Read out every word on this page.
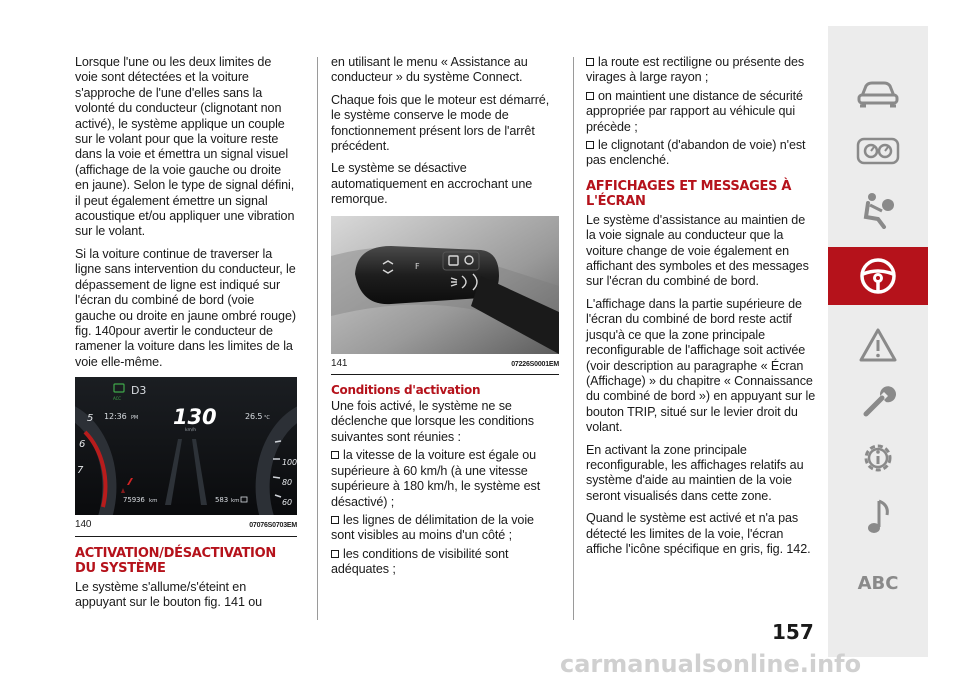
Lorsque l'une ou les deux limites de voie sont détectées et la voiture s'approche de l'une d'elles sans la volonté du conducteur (clignotant non activé), le système applique un couple sur le volant pour que la voiture reste dans la voie et émettra un signal visuel (affichage de la voie gauche ou droite en jaune). Selon le type de signal défini, il peut également émettre un signal acoustique et/ou appliquer une vibration sur le volant.

Si la voiture continue de traverser la ligne sans intervention du conducteur, le dépassement de ligne est indiqué sur l'écran du combiné de bord (voie gauche ou droite en jaune ombré rouge) fig. 140pour avertir le conducteur de ramener la voiture dans les limites de la voie elle-même.

ACC
D3
12:36 PM 130
km/h
26.5 °C
75936 km	583 km
7
6
5
100
80
60
140	07076S0703EM
ACTIVATION/DÉSACTIVATION DU SYSTÈME

Le système s'allume/s'éteint en appuyant sur le bouton fig. 141 ou

en utilisant le menu « Assistance au conducteur » du système Connect.

Chaque fois que le moteur est démarré, le système conserve le mode de fonctionnement présent lors de l'arrêt précédent.

Le système se désactive automatiquement en accrochant une remorque.

F
141	07226S0001EM
Conditions d'activation

Une fois activé, le système ne se déclenche que lorsque les conditions suivantes sont réunies :

la vitesse de la voiture est égale ou supérieure à 60 km/h (à une vitesse supérieure à 180 km/h, le système est désactivé) ;
les lignes de délimitation de la voie sont visibles au moins d'un côté ;
les conditions de visibilité sont adéquates ;
la route est rectiligne ou présente des virages à large rayon ;
on maintient une distance de sécurité appropriée par rapport au véhicule qui précède ;
le clignotant (d'abandon de voie) n'est pas enclenché.
AFFICHAGES ET MESSAGES À L'ÉCRAN

Le système d'assistance au maintien de la voie signale au conducteur que la voiture change de voie également en affichant des symboles et des messages sur l'écran du combiné de bord.

L'affichage dans la partie supérieure de l'écran du combiné de bord reste actif jusqu'à ce que la zone principale reconfigurable de l'affichage soit activée (voir description au paragraphe « Écran (Affichage) » du chapitre « Connaissance du combiné de bord ») en appuyant sur le bouton TRIP, situé sur le levier droit du volant.

En activant la zone principale reconfigurable, les affichages relatifs au système d'aide au maintien de la voie seront visualisés dans cette zone.

Quand le système est activé et n'a pas détecté les limites de la voie, l'écran affiche l'icône spécifique en gris, fig. 142.

ABC
157
carmanualsonline.info
